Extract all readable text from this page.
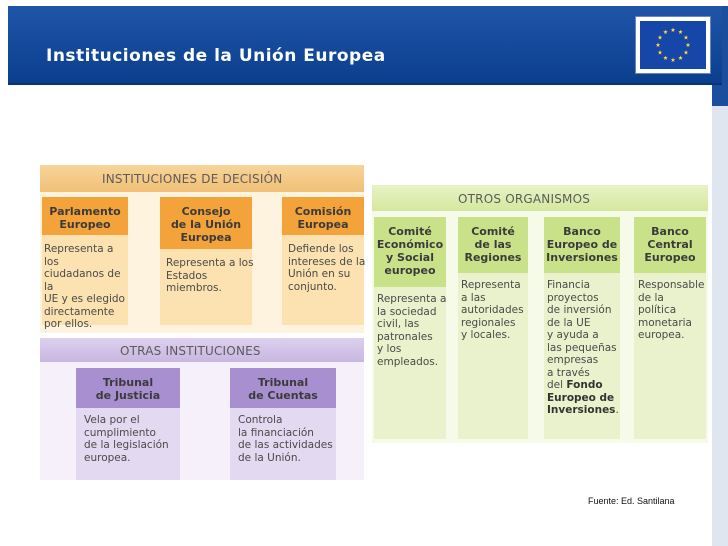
Instituciones de la Unión Europea
INSTITUCIONES DE DECISIÓN
Parlamento
Europeo
Representa a los
ciudadanos de la
UE y es elegido
directamente
por ellos.
Consejo
de la Unión
Europea
Representa a los
Estados
miembros.
Comisión
Europea
Defiende los
intereses de la
Unión en su
conjunto.
OTRAS INSTITUCIONES
Tribunal
de Justicia
Vela por el
cumplimiento
de la legislación
europea.
Tribunal
de Cuentas
Controla
la financiación
de las actividades
de la Unión.
OTROS ORGANISMOS
Comité
Económico
y Social
europeo
Representa a
la sociedad
civil, las
patronales
y los
empleados.
Comité
de las
Regiones
Representa
a las
autoridades
regionales
y locales.
Banco
Europeo de
Inversiones
Financia
proyectos
de inversión
de la UE
y ayuda a
las pequeñas
empresas
a través
del Fondo
Europeo de
Inversiones.
Banco
Central
Europeo
Responsable
de la
política
monetaria
europea.
Fuente: Ed. Santilana
